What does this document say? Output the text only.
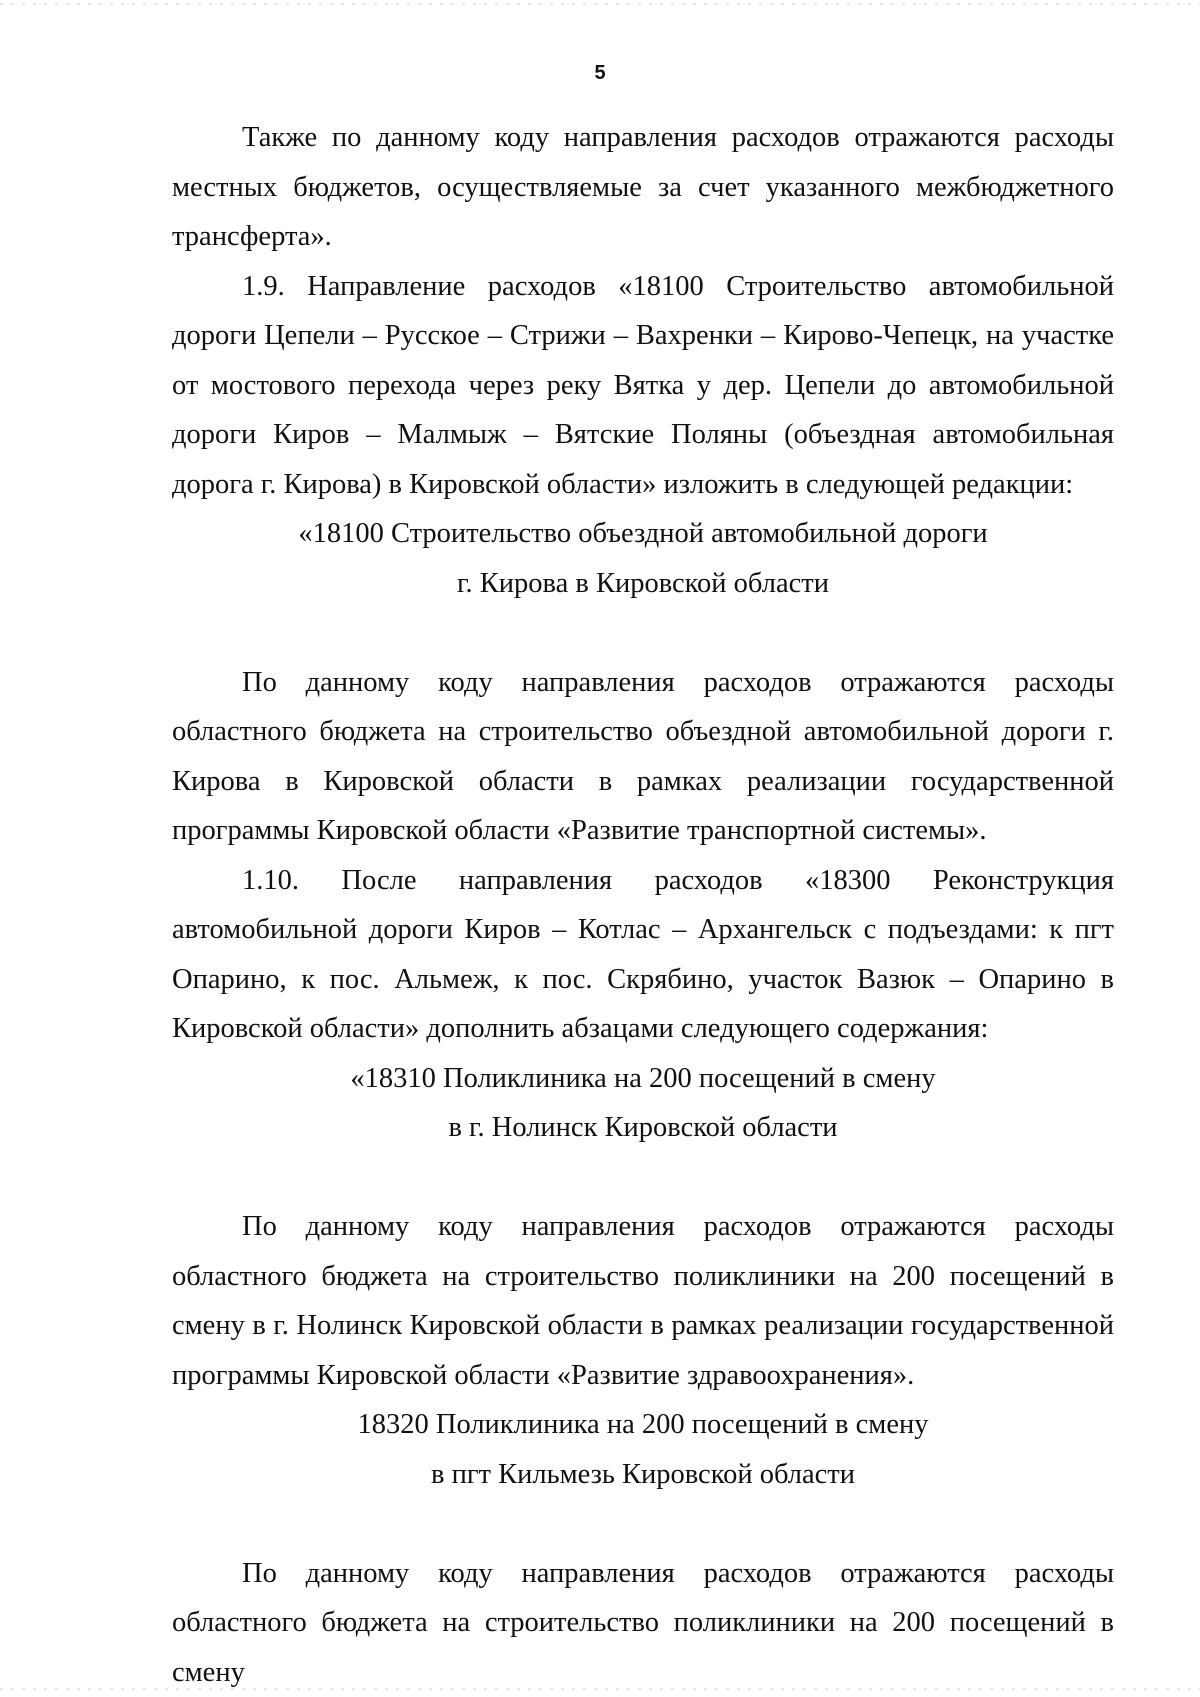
5

Также по данному коду направления расходов отражаются расходы местных бюджетов, осуществляемые за счет указанного межбюджетного трансферта».

1.9. Направление расходов «18100 Строительство автомобильной дороги Цепели – Русское – Стрижи – Вахренки – Кирово-Чепецк, на участке от мостового перехода через реку Вятка у дер. Цепели до автомобильной дороги Киров – Малмыж – Вятские Поляны (объездная автомобильная дорога г. Кирова) в Кировской области» изложить в следующей редакции:

«18100 Строительство объездной автомобильной дороги

г. Кирова в Кировской области

По данному коду направления расходов отражаются расходы областного бюджета на строительство объездной автомобильной дороги г. Кирова в Кировской области в рамках реализации государственной программы Кировской области «Развитие транспортной системы».

1.10. После направления расходов «18300 Реконструкция автомобильной дороги Киров – Котлас – Архангельск с подъездами: к пгт Опарино, к пос. Альмеж, к пос. Скрябино, участок Вазюк – Опарино в Кировской области» дополнить абзацами следующего содержания:

«18310 Поликлиника на 200 посещений в смену

в г. Нолинск Кировской области

По данному коду направления расходов отражаются расходы областного бюджета на строительство поликлиники на 200 посещений в смену в г. Нолинск Кировской области в рамках реализации государственной программы Кировской области «Развитие здравоохранения».

18320 Поликлиника на 200 посещений в смену

в пгт Кильмезь Кировской области

По данному коду направления расходов отражаются расходы областного бюджета на строительство поликлиники на 200 посещений в смену
